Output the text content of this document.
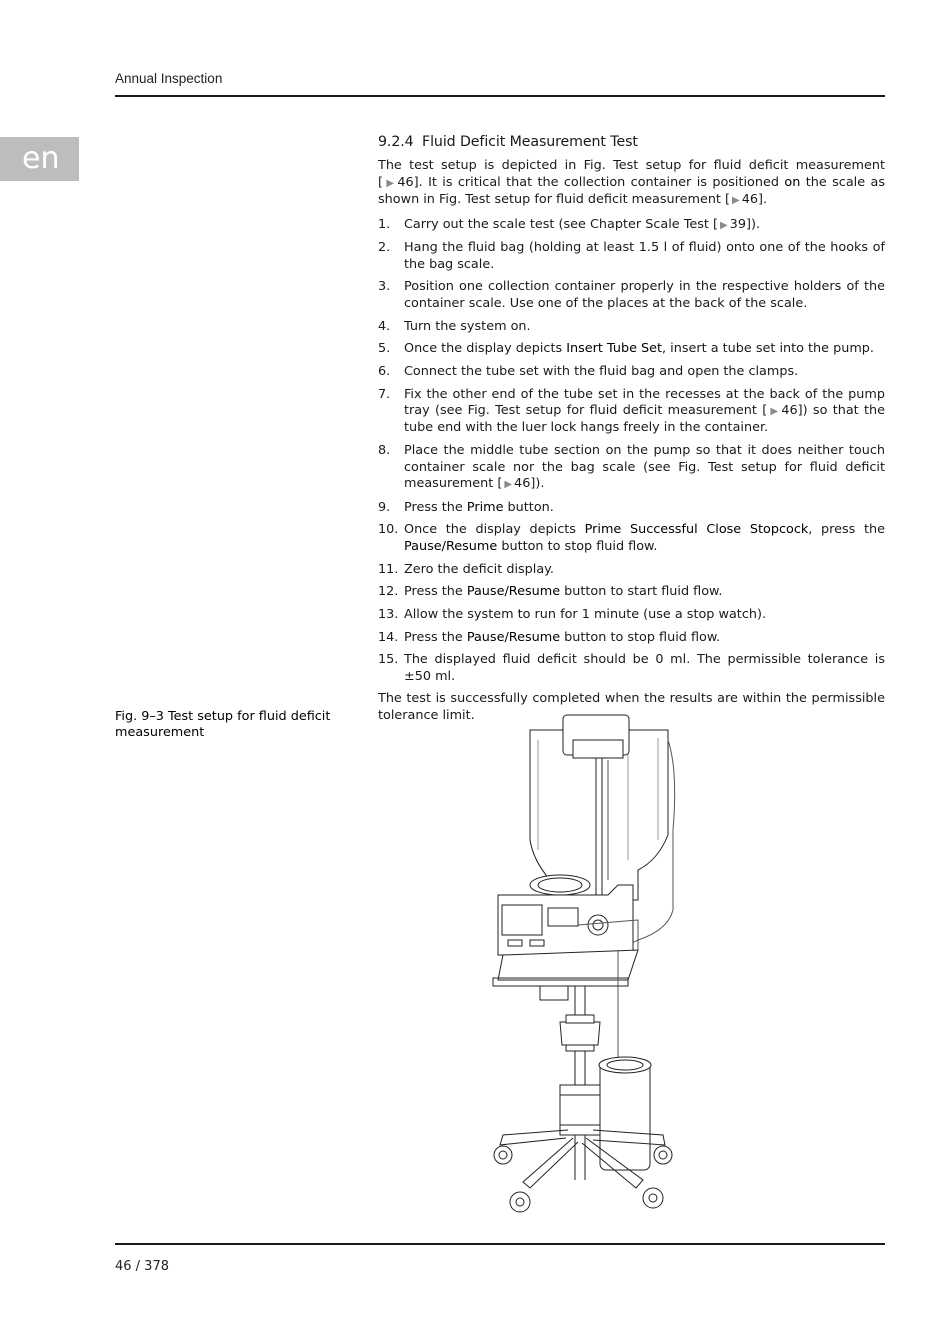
Annual Inspection
en	9.2.4 Fluid Deficit Measurement Test

The test setup is depicted in Fig. Test setup for fluid deficit measurement [ ▶ 46]. It is critical that the collection container is positioned on the scale as shown in Fig. Test setup for fluid deficit measurement [ ▶ 46].

1. Carry out the scale test (see Chapter Scale Test [ ▶ 39]).
2. Hang the fluid bag (holding at least 1.5 l of fluid) onto one of the hooks of the bag scale.
3. Position one collection container properly in the respective holders of the container scale. Use one of the places at the back of the scale.
4. Turn the system on.
5. Once the display depicts Insert Tube Set, insert a tube set into the pump.
6. Connect the tube set with the fluid bag and open the clamps.
7. Fix the other end of the tube set in the recesses at the back of the pump tray (see Fig. Test setup for fluid deficit measurement [ ▶ 46]) so that the tube end with the luer lock hangs freely in the container.
8. Place the middle tube section on the pump so that it does neither touch container scale nor the bag scale (see Fig. Test setup for fluid deficit measurement [ ▶ 46]).
9. Press the Prime button.
10. Once the display depicts Prime Successful Close Stopcock, press the Pause/Resume button to stop fluid flow.
11. Zero the deficit display.
12. Press the Pause/Resume button to start fluid flow.
13. Allow the system to run for 1 minute (use a stop watch).
14. Press the Pause/Resume button to stop fluid flow.
15. The displayed fluid deficit should be 0 ml. The permissible tolerance is ±50 ml.

The test is successfully completed when the results are within the permissible tolerance limit.

Fig. 9–3 Test setup for fluid deficit measurement
46 / 378
